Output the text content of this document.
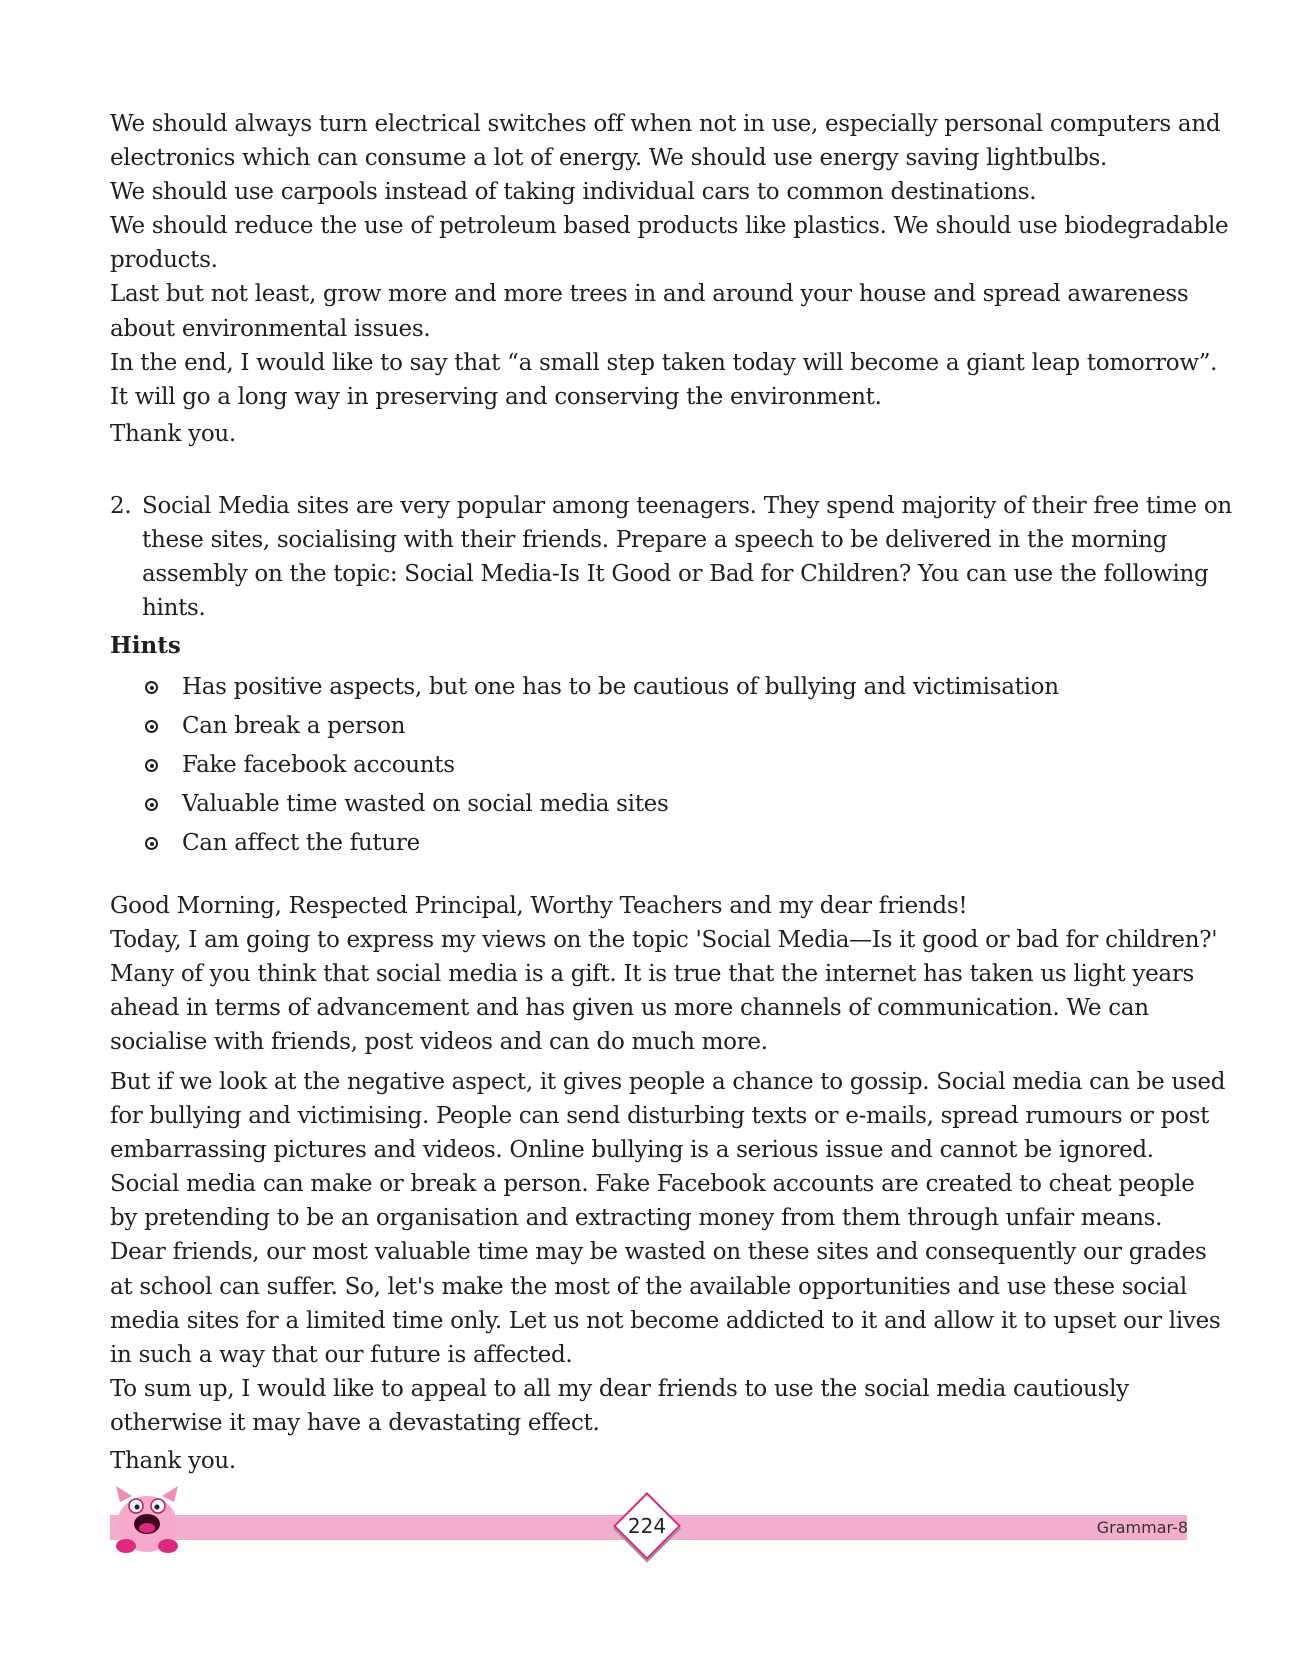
We should always turn electrical switches off when not in use, especially personal computers and
electronics which can consume a lot of energy. We should use energy saving lightbulbs.
We should use carpools instead of taking individual cars to common destinations.
We should reduce the use of petroleum based products like plastics. We should use biodegradable
products.
Last but not least, grow more and more trees in and around your house and spread awareness
about environmental issues.
In the end, I would like to say that “a small step taken today will become a giant leap tomorrow”.
It will go a long way in preserving and conserving the environment.
Thank you.
2. Social Media sites are very popular among teenagers. They spend majority of their free time on
these sites, socialising with their friends. Prepare a speech to be delivered in the morning
assembly on the topic: Social Media-Is It Good or Bad for Children? You can use the following
hints.
Hints
Has positive aspects, but one has to be cautious of bullying and victimisation
Can break a person
Fake facebook accounts
Valuable time wasted on social media sites
Can affect the future
Good Morning, Respected Principal, Worthy Teachers and my dear friends!
Today, I am going to express my views on the topic 'Social Media—Is it good or bad for children?'
Many of you think that social media is a gift. It is true that the internet has taken us light years
ahead in terms of advancement and has given us more channels of communication. We can
socialise with friends, post videos and can do much more.
But if we look at the negative aspect, it gives people a chance to gossip. Social media can be used
for bullying and victimising. People can send disturbing texts or e-mails, spread rumours or post
embarrassing pictures and videos. Online bullying is a serious issue and cannot be ignored.
Social media can make or break a person. Fake Facebook accounts are created to cheat people
by pretending to be an organisation and extracting money from them through unfair means.
Dear friends, our most valuable time may be wasted on these sites and consequently our grades
at school can suffer. So, let's make the most of the available opportunities and use these social
media sites for a limited time only. Let us not become addicted to it and allow it to upset our lives
in such a way that our future is affected.
To sum up, I would like to appeal to all my dear friends to use the social media cautiously
otherwise it may have a devastating effect.
Thank you.
224	Grammar-8
